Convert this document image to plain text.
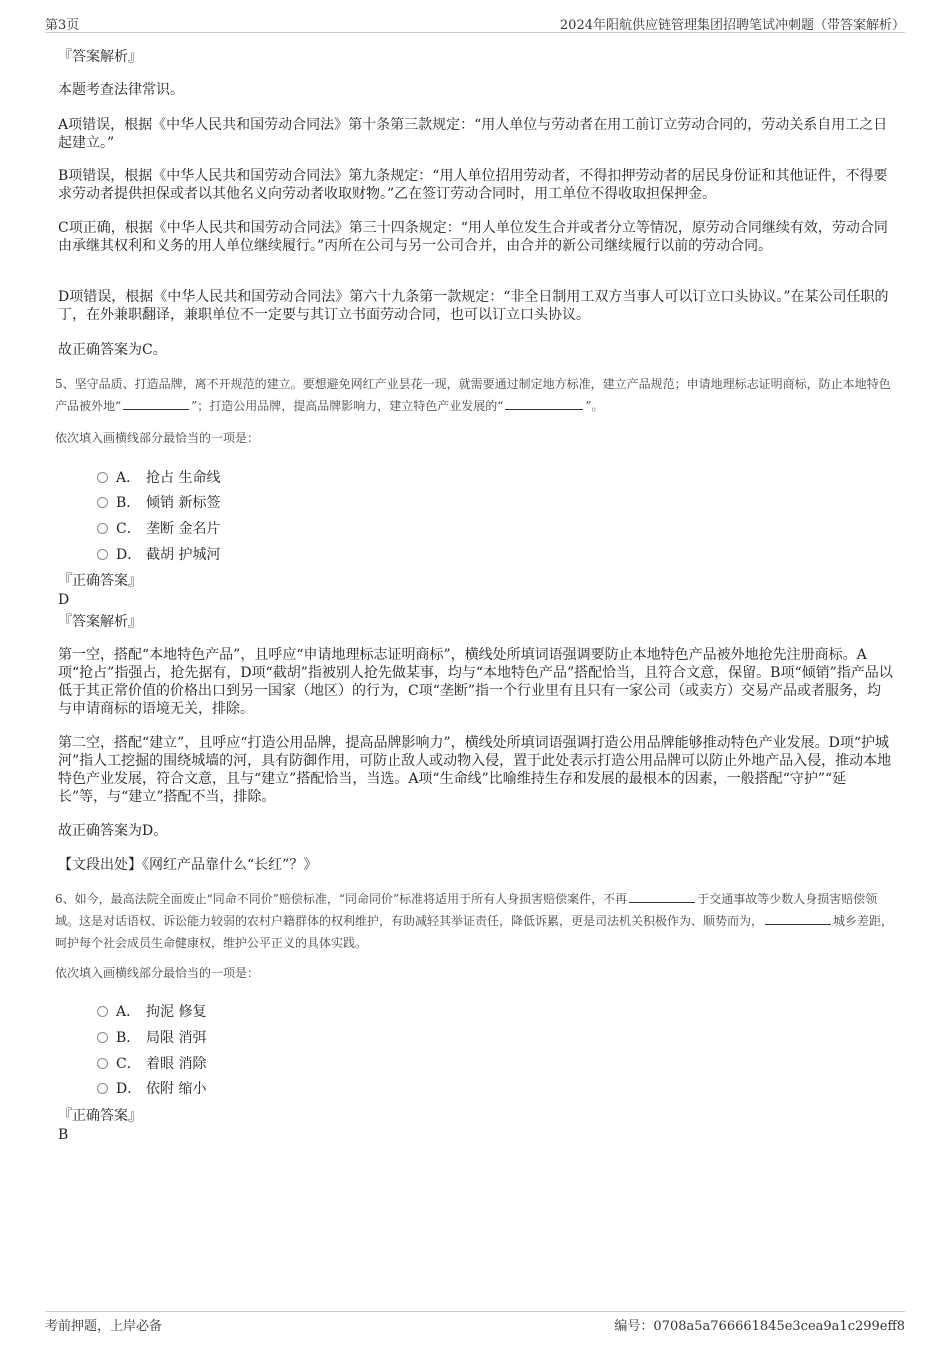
第3页	2024年阳航供应链管理集团招聘笔试冲刺题（带答案解析）
『答案解析』
本题考查法律常识。

A项错误，根据《中华人民共和国劳动合同法》第十条第三款规定：“用人单位与劳动者在用工前订立劳动合同的，劳动关系自用工之日起建立。”

B项错误，根据《中华人民共和国劳动合同法》第九条规定：“用人单位招用劳动者，不得扣押劳动者的居民身份证和其他证件，不得要求劳动者提供担保或者以其他名义向劳动者收取财物。”乙在签订劳动合同时，用工单位不得收取担保押金。

C项正确，根据《中华人民共和国劳动合同法》第三十四条规定：“用人单位发生合并或者分立等情况，原劳动合同继续有效，劳动合同由承继其权利和义务的用人单位继续履行。”丙所在公司与另一公司合并，由合并的新公司继续履行以前的劳动合同。

D项错误，根据《中华人民共和国劳动合同法》第六十九条第一款规定：“非全日制用工双方当事人可以订立口头协议。”在某公司任职的丁，在外兼职翻译，兼职单位不一定要与其订立书面劳动合同，也可以订立口头协议。

故正确答案为C。

5、坚守品质、打造品牌，离不开规范的建立。要想避免网红产业昙花一现，就需要通过制定地方标准，建立产品规范；申请地理标志证明商标，防止本地特色产品被外地“	”；打造公用品牌，提高品牌影响力，建立特色产业发展的“	”。

依次填入画横线部分最恰当的一项是：
A． 抢占 生命线
B． 倾销 新标签
C． 垄断 金名片
D． 截胡 护城河
『正确答案』
D
『答案解析』

第一空，搭配“本地特色产品”，且呼应“申请地理标志证明商标”，横线处所填词语强调要防止本地特色产品被外地抢先注册商标。A项“抢占”指强占，抢先据有，D项“截胡”指被别人抢先做某事，均与“本地特色产品”搭配恰当，且符合文意，保留。B项“倾销”指产品以低于其正常价值的价格出口到另一国家（地区）的行为，C项“垄断”指一个行业里有且只有一家公司（或卖方）交易产品或者服务，均与申请商标的语境无关，排除。

第二空，搭配“建立”，且呼应“打造公用品牌，提高品牌影响力”，横线处所填词语强调打造公用品牌能够推动特色产业发展。D项“护城河”指人工挖掘的围绕城墙的河，具有防御作用，可防止敌人或动物入侵，置于此处表示打造公用品牌可以防止外地产品入侵，推动本地特色产业发展，符合文意，且与“建立”搭配恰当，当选。A项“生命线”比喻维持生存和发展的最根本的因素，一般搭配“守护”“延长”等，与“建立”搭配不当，排除。

故正确答案为D。
【文段出处】《网红产品靠什么“长红”？》

6、如今，最高法院全面废止“同命不同价”赔偿标准，“同命同价”标准将适用于所有人身损害赔偿案件，不再	于交通事故等少数人身损害赔偿领域。这是对话语权、诉讼能力较弱的农村户籍群体的权利维护，有助减轻其举证责任，降低诉累，更是司法机关积极作为、顺势而为，	城乡差距，呵护每个社会成员生命健康权，维护公平正义的具体实践。

依次填入画横线部分最恰当的一项是：
A． 拘泥 修复
B． 局限 消弭
C． 着眼 消除
D． 依附 缩小
『正确答案』
B
考前押题，上岸必备	编号：0708a5a766661845e3cea9a1c299eff8
